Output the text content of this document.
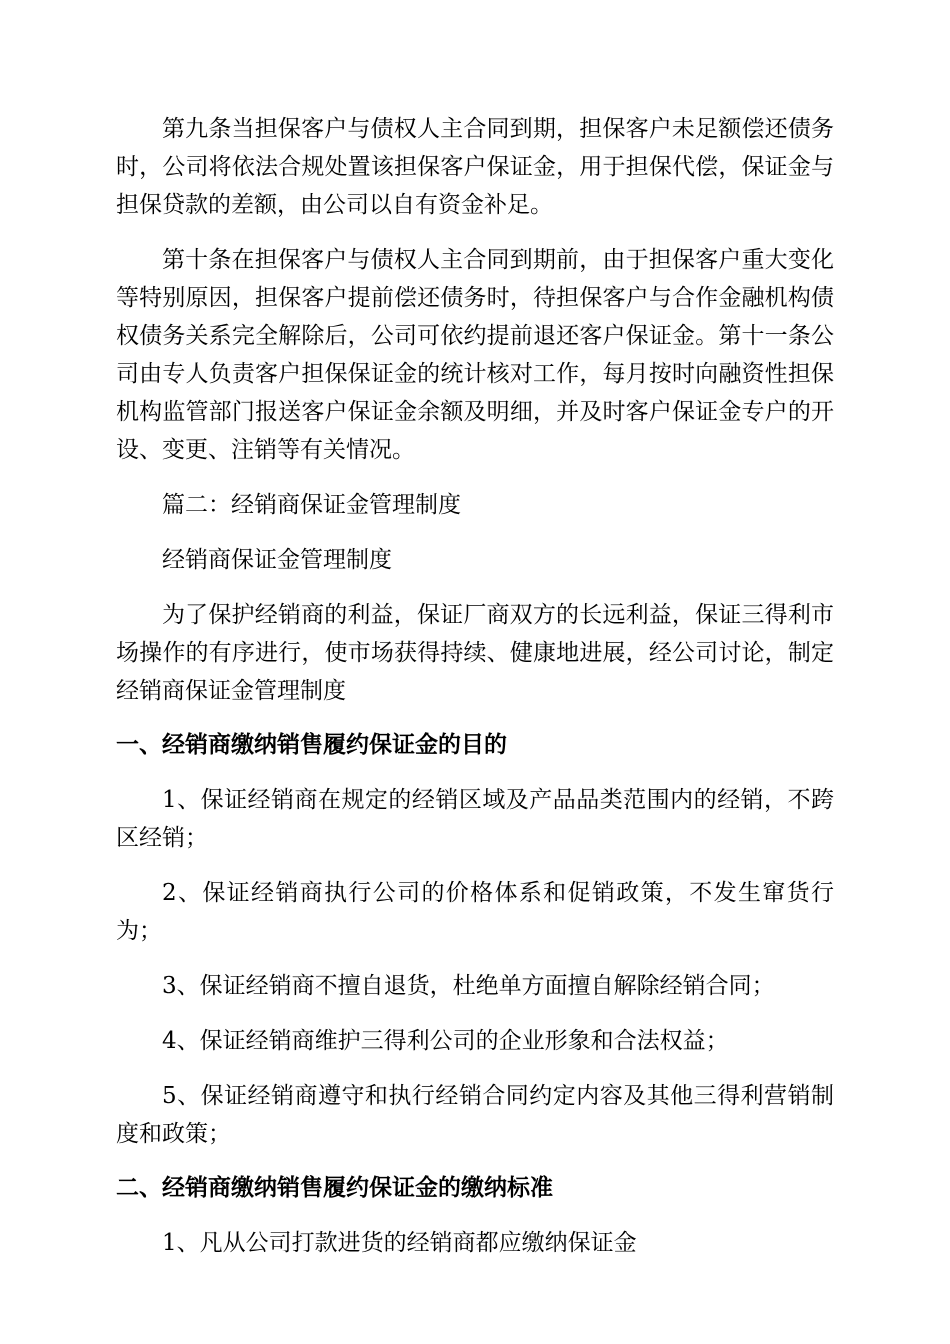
第九条当担保客户与债权人主合同到期，担保客户未足额偿还债务时，公司将依法合规处置该担保客户保证金，用于担保代偿，保证金与担保贷款的差额，由公司以自有资金补足。

第十条在担保客户与债权人主合同到期前，由于担保客户重大变化等特别原因，担保客户提前偿还债务时，待担保客户与合作金融机构债权债务关系完全解除后，公司可依约提前退还客户保证金。第十一条公司由专人负责客户担保保证金的统计核对工作，每月按时向融资性担保机构监管部门报送客户保证金余额及明细，并及时客户保证金专户的开设、变更、注销等有关情况。

篇二：经销商保证金管理制度

经销商保证金管理制度

为了保护经销商的利益，保证厂商双方的长远利益，保证三得利市场操作的有序进行，使市场获得持续、健康地进展，经公司讨论，制定经销商保证金管理制度

一、经销商缴纳销售履约保证金的目的

1、保证经销商在规定的经销区域及产品品类范围内的经销，不跨区经销；

2、保证经销商执行公司的价格体系和促销政策，不发生窜货行为；

3、保证经销商不擅自退货，杜绝单方面擅自解除经销合同；

4、保证经销商维护三得利公司的企业形象和合法权益；

5、保证经销商遵守和执行经销合同约定内容及其他三得利营销制度和政策；

二、经销商缴纳销售履约保证金的缴纳标准

1、凡从公司打款进货的经销商都应缴纳保证金
